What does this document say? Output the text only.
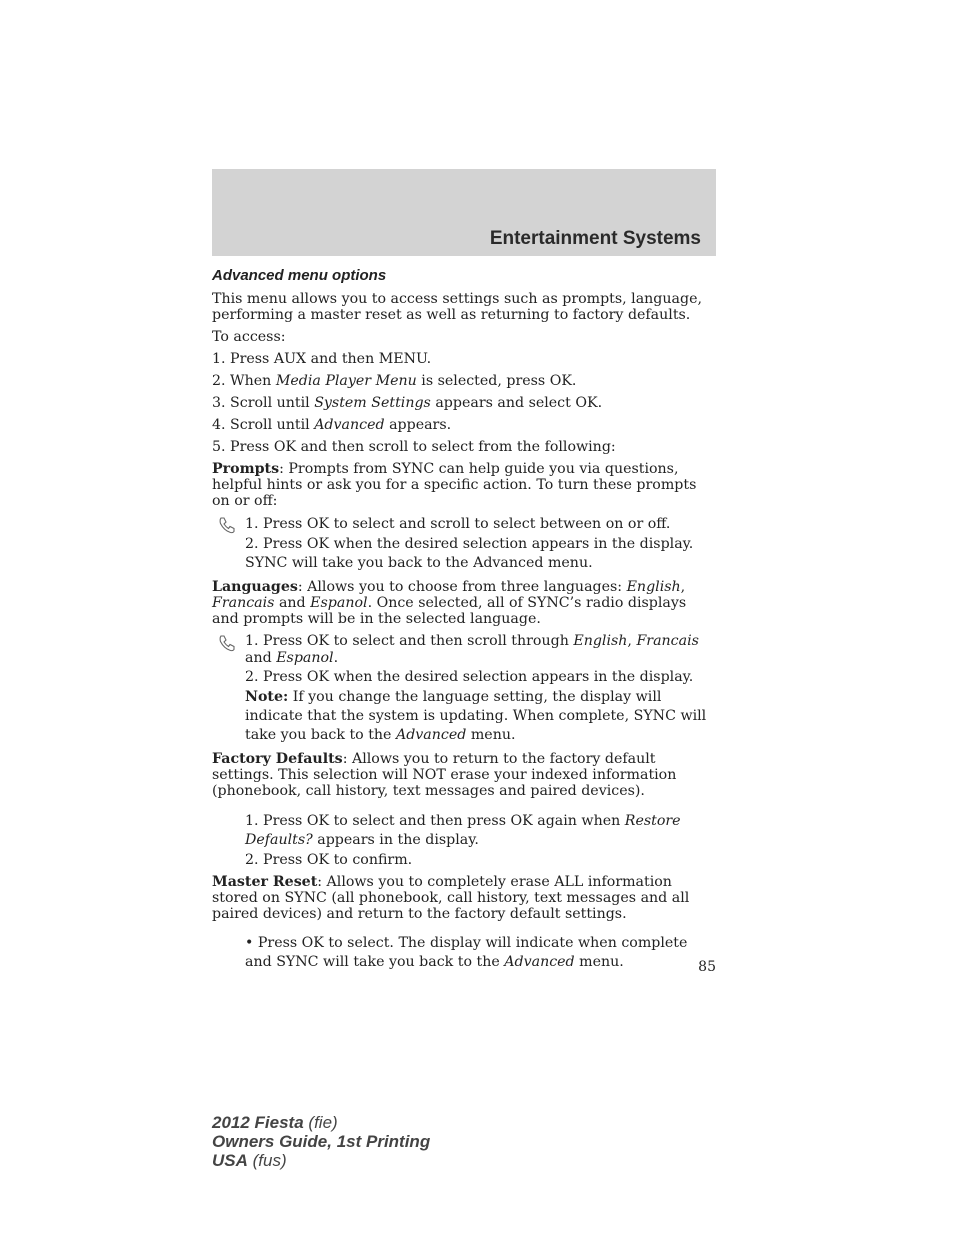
Entertainment Systems
Advanced menu options

This menu allows you to access settings such as prompts, language, performing a master reset as well as returning to factory defaults.

To access:

1. Press AUX and then MENU.

2. When Media Player Menu is selected, press OK.

3. Scroll until System Settings appears and select OK.

4. Scroll until Advanced appears.

5. Press OK and then scroll to select from the following:

Prompts: Prompts from SYNC can help guide you via questions, helpful hints or ask you for a specific action. To turn these prompts on or off:

1. Press OK to select and scroll to select between on or off.
2. Press OK when the desired selection appears in the display. SYNC will take you back to the Advanced menu.

Languages: Allows you to choose from three languages: English, Francais and Espanol. Once selected, all of SYNC’s radio displays and prompts will be in the selected language.

1. Press OK to select and then scroll through English, Francais
and Espanol.
2. Press OK when the desired selection appears in the display.
Note: If you change the language setting, the display will indicate that the system is updating. When complete, SYNC will take you back to the Advanced menu.

Factory Defaults: Allows you to return to the factory default settings. This selection will NOT erase your indexed information (phonebook, call history, text messages and paired devices).

1. Press OK to select and then press OK again when Restore Defaults? appears in the display.
2. Press OK to confirm.

Master Reset: Allows you to completely erase ALL information stored on SYNC (all phonebook, call history, text messages and all paired devices) and return to the factory default settings.

• Press OK to select. The display will indicate when complete and SYNC will take you back to the Advanced menu.	85
2012 Fiesta (fie)
Owners Guide, 1st Printing
USA (fus)
